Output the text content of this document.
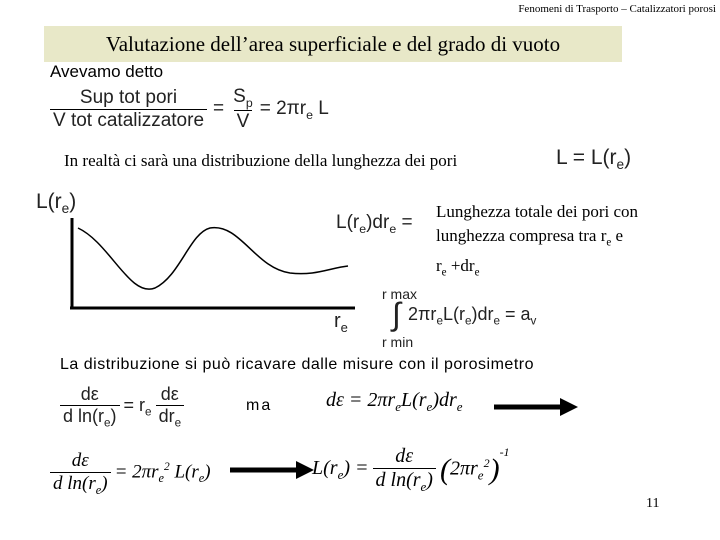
Fenomeni di Trasporto – Catalizzatori porosi
Valutazione dell’area superficiale e del grado di vuoto
Avevamo detto
$\frac{\text{Sup tot pori}}{\text{V tot catalizzatore}} = \frac{S_p}{V} = 2\pi r_e$ L
In realtà ci sarà una distribuzione della lunghezza dei pori	$L = L(r_e)$
$L(r_e)$
$r_e$
$L(r_e)dr_e$ =
Lunghezza totale dei pori con
lunghezza compresa tra $r_e$ e
$r_e +dr_e$
r max
r min
∫ $2\pi r_eL(r_e)dr_e = a_v$
La distribuzione si può ricavare dalle misure con il porosimetro
$\frac{d\varepsilon}{d \ln(r_e)} = r_e \frac{d\varepsilon}{dr_e}$	ma	$d\varepsilon = 2\pi r_eL(r_e)dr_e$
$\frac{d\varepsilon}{d \ln(r_e)} = 2\pi r_e^2$ $L(r_e)$	$L(r_e) = \frac{d\varepsilon}{d \ln(r_e)}$ ( $2\pi r_e^2$ )
$^{-1}$
11
